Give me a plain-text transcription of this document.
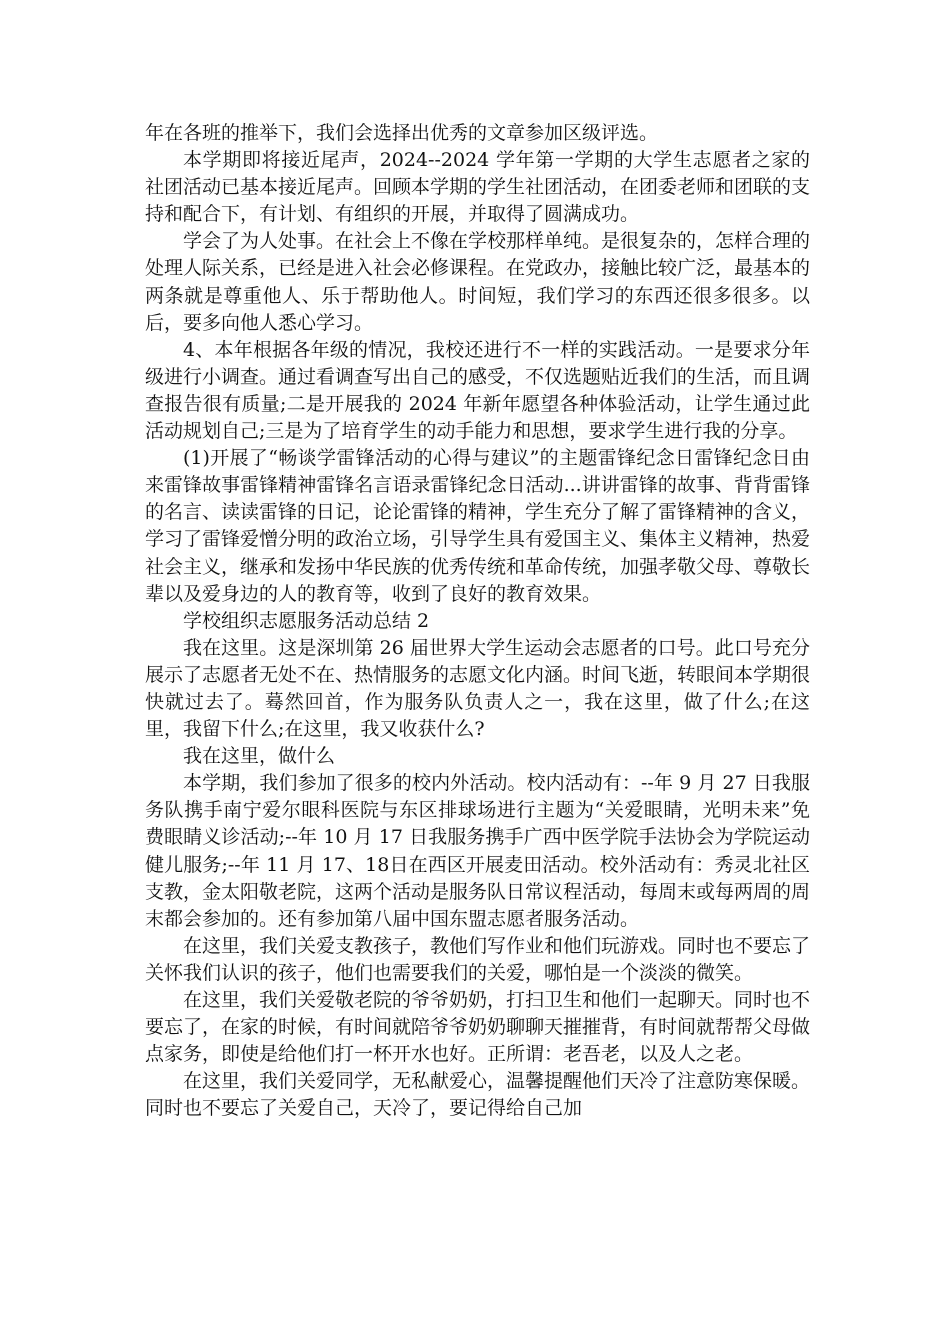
年在各班的推举下，我们会选择出优秀的文章参加区级评选。

本学期即将接近尾声，2024--2024 学年第一学期的大学生志愿者之家的社团活动已基本接近尾声。回顾本学期的学生社团活动，在团委老师和团联的支持和配合下，有计划、有组织的开展，并取得了圆满成功。

学会了为人处事。在社会上不像在学校那样单纯。是很复杂的，怎样合理的处理人际关系，已经是进入社会必修课程。在党政办，接触比较广泛，最基本的两条就是尊重他人、乐于帮助他人。时间短，我们学习的东西还很多很多。以后，要多向他人悉心学习。

4、本年根据各年级的情况，我校还进行不一样的实践活动。一是要求分年级进行小调查。通过看调查写出自己的感受，不仅选题贴近我们的生活，而且调查报告很有质量;二是开展我的 2024 年新年愿望各种体验活动，让学生通过此活动规划自己;三是为了培育学生的动手能力和思想，要求学生进行我的分享。

(1)开展了“畅谈学雷锋活动的心得与建议”的主题雷锋纪念日雷锋纪念日由来雷锋故事雷锋精神雷锋名言语录雷锋纪念日活动...讲讲雷锋的故事、背背雷锋的名言、读读雷锋的日记，论论雷锋的精神，学生充分了解了雷锋精神的含义，学习了雷锋爱憎分明的政治立场，引导学生具有爱国主义、集体主义精神，热爱社会主义，继承和发扬中华民族的优秀传统和革命传统，加强孝敬父母、尊敬长辈以及爱身边的人的教育等，收到了良好的教育效果。

学校组织志愿服务活动总结 2

我在这里。这是深圳第 26 届世界大学生运动会志愿者的口号。此口号充分展示了志愿者无处不在、热情服务的志愿文化内涵。时间飞逝，转眼间本学期很快就过去了。蓦然回首，作为服务队负责人之一，我在这里，做了什么;在这里，我留下什么;在这里，我又收获什么?

我在这里，做什么

本学期，我们参加了很多的校内外活动。校内活动有：--年 9 月 27 日我服务队携手南宁爱尔眼科医院与东区排球场进行主题为“关爱眼睛，光明未来”免费眼睛义诊活动;--年 10 月 17 日我服务携手广西中医学院手法协会为学院运动健儿服务;--年 11 月 17、18日在西区开展麦田活动。校外活动有：秀灵北社区支教，金太阳敬老院，这两个活动是服务队日常议程活动，每周末或每两周的周末都会参加的。还有参加第八届中国东盟志愿者服务活动。

在这里，我们关爱支教孩子，教他们写作业和他们玩游戏。同时也不要忘了关怀我们认识的孩子，他们也需要我们的关爱，哪怕是一个淡淡的微笑。

在这里，我们关爱敬老院的爷爷奶奶，打扫卫生和他们一起聊天。同时也不要忘了，在家的时候，有时间就陪爷爷奶奶聊聊天摧摧背，有时间就帮帮父母做点家务，即使是给他们打一杯开水也好。正所谓：老吾老，以及人之老。

在这里，我们关爱同学，无私献爱心，温馨提醒他们天冷了注意防寒保暖。同时也不要忘了关爱自己，天冷了，要记得给自己加
